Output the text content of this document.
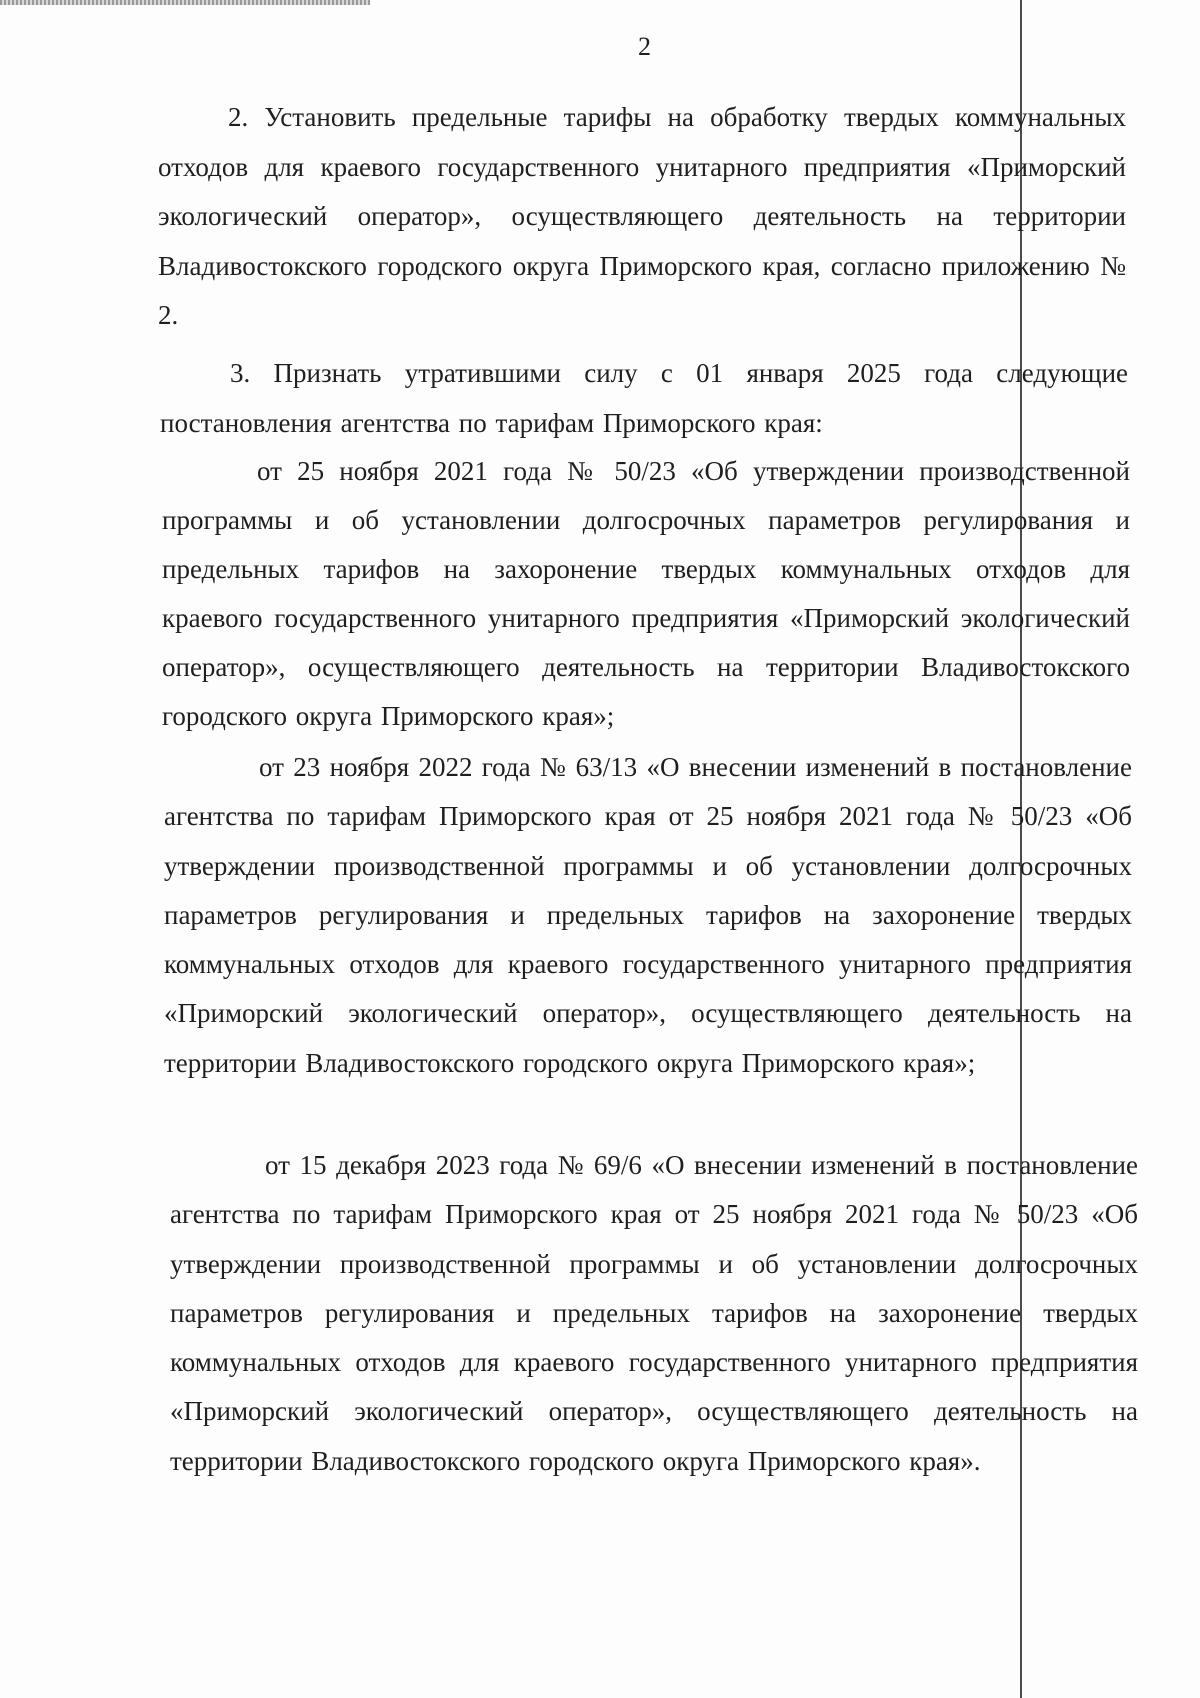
2

2. Установить предельные тарифы на обработку твердых коммунальных отходов для краевого государственного унитарного предприятия «Приморский экологический оператор», осуществляющего деятельность на территории Владивостокского городского округа Приморского края, согласно приложению № 2.

3. Признать утратившими силу с 01 января 2025 года следующие постановления агентства по тарифам Приморского края:

от 25 ноября 2021 года № 50/23 «Об утверждении производственной программы и об установлении долгосрочных параметров регулирования и предельных тарифов на захоронение твердых коммунальных отходов для краевого государственного унитарного предприятия «Приморский экологический оператор», осуществляющего деятельность на территории Владивостокского городского округа Приморского края»;

от 23 ноября 2022 года № 63/13 «О внесении изменений в постановление агентства по тарифам Приморского края от 25 ноября 2021 года № 50/23 «Об утверждении производственной программы и об установлении долгосрочных параметров регулирования и предельных тарифов на захоронение твердых коммунальных отходов для краевого государственного унитарного предприятия «Приморский экологический оператор», осуществляющего деятельность на территории Владивостокского городского округа Приморского края»;

от 15 декабря 2023 года № 69/6 «О внесении изменений в постановление агентства по тарифам Приморского края от 25 ноября 2021 года № 50/23 «Об утверждении производственной программы и об установлении долгосрочных параметров регулирования и предельных тарифов на захоронение твердых коммунальных отходов для краевого государственного унитарного предприятия «Приморский экологический оператор», осуществляющего деятельность на территории Владивостокского городского округа Приморского края».
